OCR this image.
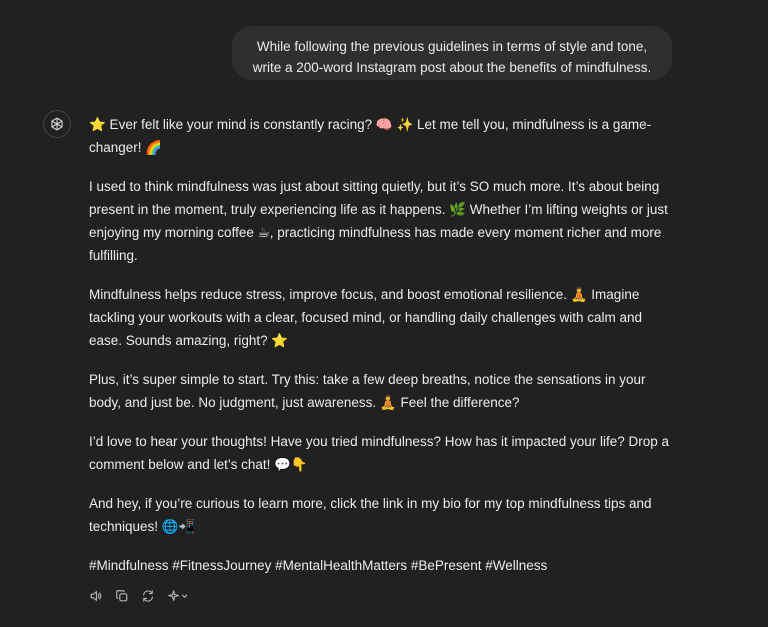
While following the previous guidelines in terms of style and tone,
write a 200-word Instagram post about the benefits of mindfulness.

⭐ Ever felt like your mind is constantly racing? 🧠 ✨ Let me tell you, mindfulness is a game-changer! 🌈

I used to think mindfulness was just about sitting quietly, but it’s SO much more. It’s about being present in the moment, truly experiencing life as it happens. 🌿 Whether I’m lifting weights or just enjoying my morning coffee ☕, practicing mindfulness has made every moment richer and more fulfilling.

Mindfulness helps reduce stress, improve focus, and boost emotional resilience. 🧘 Imagine tackling your workouts with a clear, focused mind, or handling daily challenges with calm and ease. Sounds amazing, right? ⭐

Plus, it’s super simple to start. Try this: take a few deep breaths, notice the sensations in your body, and just be. No judgment, just awareness. 🧘 Feel the difference?

I’d love to hear your thoughts! Have you tried mindfulness? How has it impacted your life? Drop a comment below and let’s chat! 💬👇

And hey, if you’re curious to learn more, click the link in my bio for my top mindfulness tips and techniques! 🌐📲

#Mindfulness #FitnessJourney #MentalHealthMatters #BePresent #Wellness
